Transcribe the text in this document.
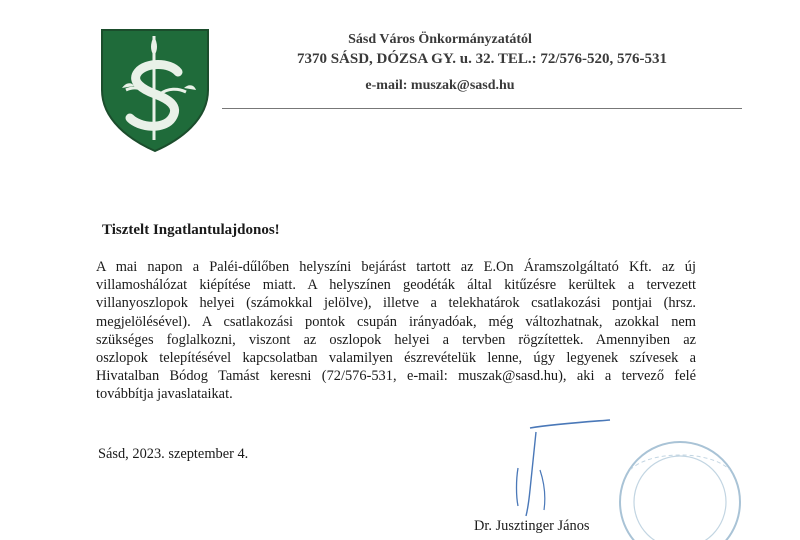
Sásd Város Önkormányzatától
7370 SÁSD, DÓZSA GY. u. 32. TEL.: 72/576-520, 576-531
e-mail: muszak@sasd.hu
Tisztelt Ingatlantulajdonos!

A mai napon a Paléi-dűlőben helyszíni bejárást tartott az E.On Áramszolgáltató Kft. az új
villamoshálózat kiépítése miatt. A helyszínen geodéták által kitűzésre kerültek a tervezett
villanyoszlopok helyei (számokkal jelölve), illetve a telekhatárok csatlakozási pontjai (hrsz.
megjelölésével). A csatlakozási pontok csupán irányadóak, még változhatnak, azokkal nem
szükséges foglalkozni, viszont az oszlopok helyei a tervben rögzítettek. Amennyiben az
oszlopok telepítésével kapcsolatban valamilyen észrevételük lenne, úgy legyenek szívesek a
Hivatalban Bódog Tamást keresni (72/576-531, e-mail: muszak@sasd.hu), aki a tervező felé
továbbítja javaslataikat.

Sásd, 2023. szeptember 4.
Dr. Jusztinger János
